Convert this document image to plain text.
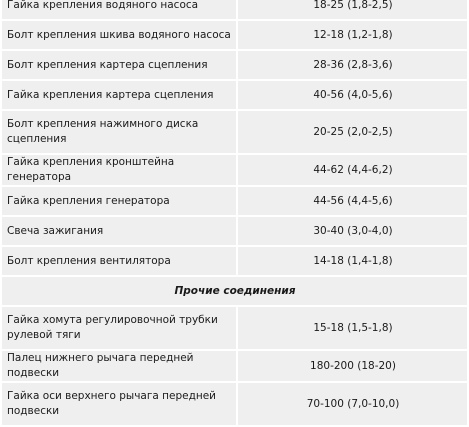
Гайка крепления водяного насоса	18-25 (1,8-2,5)
Болт крепления шкива водяного насоса	12-18 (1,2-1,8)
Болт крепления картера сцепления	28-36 (2,8-3,6)
Гайка крепления картера сцепления	40-56 (4,0-5,6)
Болт крепления нажимного диска сцепления	20-25 (2,0-2,5)
Гайка крепления кронштейна генератора	44-62 (4,4-6,2)
Гайка крепления генератора	44-56 (4,4-5,6)
Свеча зажигания	30-40 (3,0-4,0)
Болт крепления вентилятора	14-18 (1,4-1,8)
Прочие соединения	
Гайка хомута регулировочной трубки рулевой тяги	15-18 (1,5-1,8)
Палец нижнего рычага передней подвески	180-200 (18-20)
Гайка оси верхнего рычага передней подвески	70-100 (7,0-10,0)
